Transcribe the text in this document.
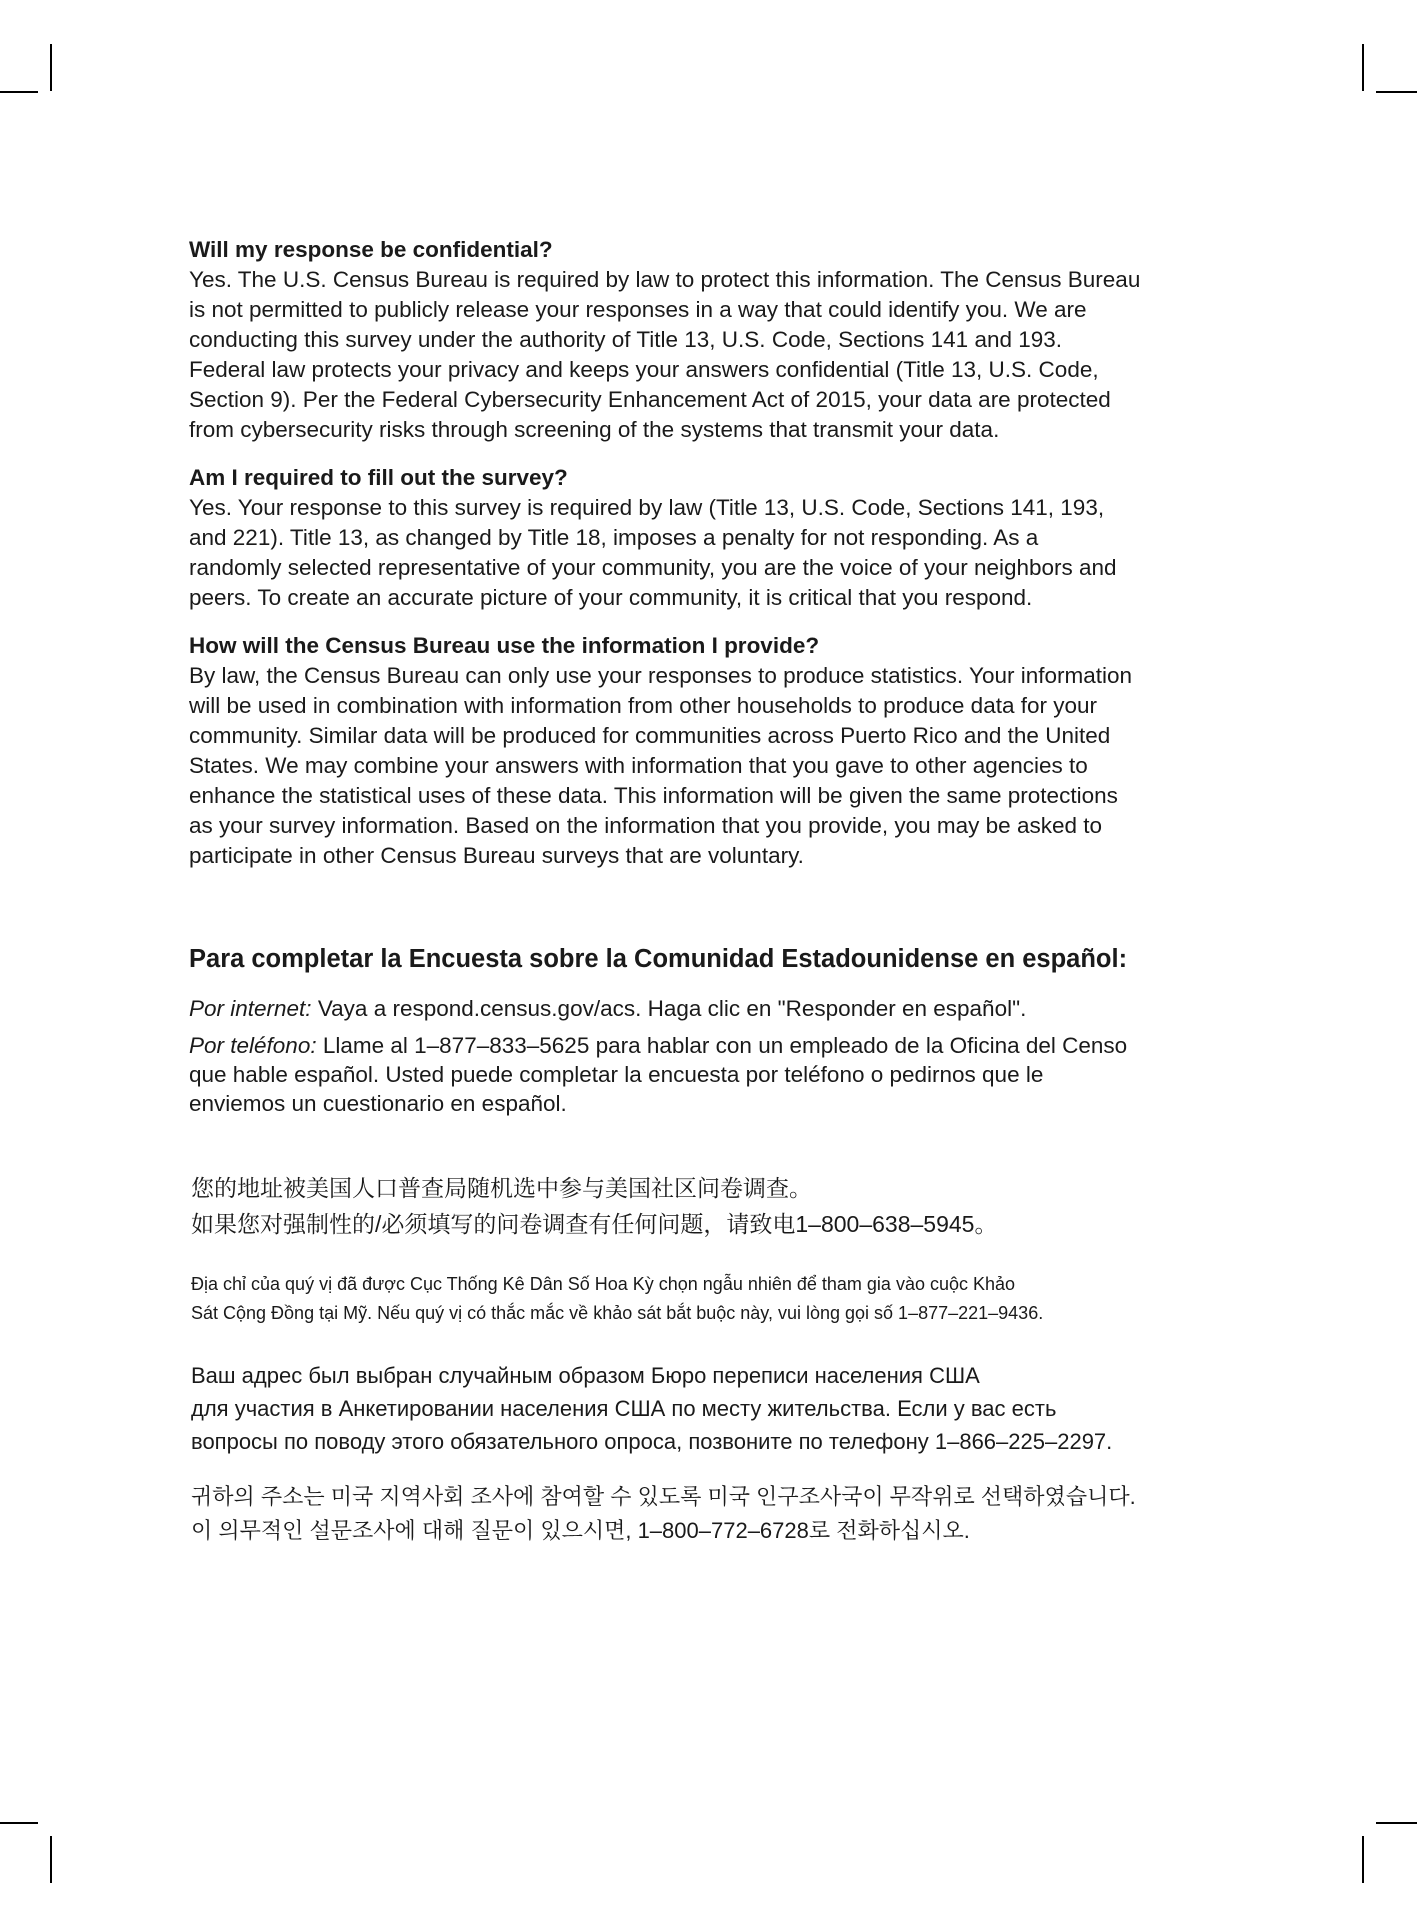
Will my response be confidential?

Yes. The U.S. Census Bureau is required by law to protect this information. The Census Bureau
is not permitted to publicly release your responses in a way that could identify you. We are
conducting this survey under the authority of Title 13, U.S. Code, Sections 141 and 193.
Federal law protects your privacy and keeps your answers confidential (Title 13, U.S. Code,
Section 9). Per the Federal Cybersecurity Enhancement Act of 2015, your data are protected
from cybersecurity risks through screening of the systems that transmit your data.

Am I required to fill out the survey?

Yes. Your response to this survey is required by law (Title 13, U.S. Code, Sections 141, 193,
and 221). Title 13, as changed by Title 18, imposes a penalty for not responding. As a
randomly selected representative of your community, you are the voice of your neighbors and
peers. To create an accurate picture of your community, it is critical that you respond.

How will the Census Bureau use the information I provide?

By law, the Census Bureau can only use your responses to produce statistics. Your information
will be used in combination with information from other households to produce data for your
community. Similar data will be produced for communities across Puerto Rico and the United
States. We may combine your answers with information that you gave to other agencies to
enhance the statistical uses of these data. This information will be given the same protections
as your survey information. Based on the information that you provide, you may be asked to
participate in other Census Bureau surveys that are voluntary.

Para completar la Encuesta sobre la Comunidad Estadounidense en español:

Por internet: Vaya a respond.census.gov/acs. Haga clic en "Responder en español".

Por teléfono: Llame al 1–877–833–5625 para hablar con un empleado de la Oficina del Censo
que hable español. Usted puede completar la encuesta por teléfono o pedirnos que le
enviemos un cuestionario en español.

您的地址被美国人口普查局随机选中参与美国社区问卷调查。
如果您对强制性的/必须填写的问卷调查有任何问题，请致电1–800–638–5945。

Địa chỉ của quý vị đã được Cục Thống Kê Dân Số Hoa Kỳ chọn ngẫu nhiên để tham gia vào cuộc Khảo
Sát Cộng Đồng tại Mỹ. Nếu quý vị có thắc mắc về khảo sát bắt buộc này, vui lòng gọi số 1–877–221–9436.

Ваш адрес был выбран случайным образом Бюро переписи населения США
для участия в Анкетировании населения США по месту жительства. Если у вас есть
вопросы по поводу этого обязательного опроса, позвоните по телефону 1–866–225–2297.

귀하의 주소는 미국 지역사회 조사에 참여할 수 있도록 미국 인구조사국이 무작위로 선택하였습니다.
이 의무적인 설문조사에 대해 질문이 있으시면, 1–800–772–6728로 전화하십시오.
